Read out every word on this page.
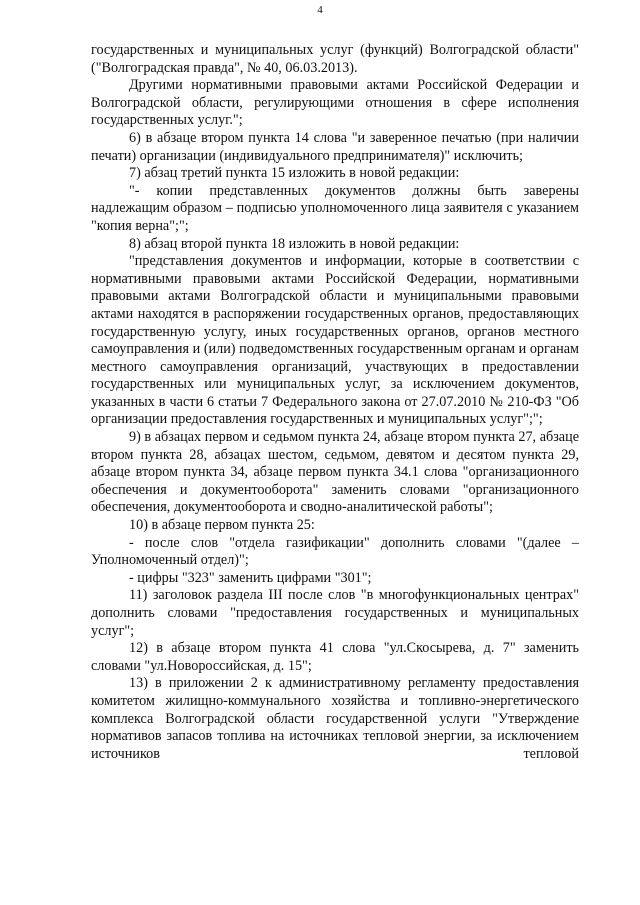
4

государственных и муниципальных услуг (функций) Волгоградской области" ("Волгоградская правда", № 40, 06.03.2013).

Другими нормативными правовыми актами Российской Федерации и Волгоградской области, регулирующими отношения в сфере исполнения государственных услуг.";

6) в абзаце втором пункта 14 слова "и заверенное печатью (при наличии печати) организации (индивидуального предпринимателя)" исключить;

7) абзац третий пункта 15 изложить в новой редакции:

"- копии представленных документов должны быть заверены надлежащим образом – подписью уполномоченного лица заявителя с указанием "копия верна";";

8) абзац второй пункта 18 изложить в новой редакции:

"представления документов и информации, которые в соответствии с нормативными правовыми актами Российской Федерации, нормативными правовыми актами Волгоградской области и муниципальными правовыми актами находятся в распоряжении государственных органов, предоставляющих государственную услугу, иных государственных органов, органов местного самоуправления и (или) подведомственных государственным органам и органам местного самоуправления организаций, участвующих в предоставлении государственных или муниципальных услуг, за исключением документов, указанных в части 6 статьи 7 Федерального закона от 27.07.2010 № 210-ФЗ "Об организации предоставления государственных и муниципальных услуг";";

9) в абзацах первом и седьмом пункта 24, абзаце втором пункта 27, абзаце втором пункта 28, абзацах шестом, седьмом, девятом и десятом пункта 29, абзаце втором пункта 34, абзаце первом пункта 34.1 слова "организационного обеспечения и документооборота" заменить словами "организационного обеспечения, документооборота и сводно-аналитической работы";

10) в абзаце первом пункта 25:

- после слов "отдела газификации" дополнить словами "(далее – Уполномоченный отдел)";

- цифры "323" заменить цифрами "301";

11) заголовок раздела III после слов "в многофункциональных центрах" дополнить словами "предоставления государственных и муниципальных услуг";

12) в абзаце втором пункта 41 слова "ул.Скосырева, д. 7" заменить словами "ул.Новороссийская, д. 15";

13) в приложении 2 к административному регламенту предоставления комитетом жилищно-коммунального хозяйства и топливно-энергетического комплекса Волгоградской области государственной услуги "Утверждение нормативов запасов топлива на источниках тепловой энергии, за исключением источников тепловой
